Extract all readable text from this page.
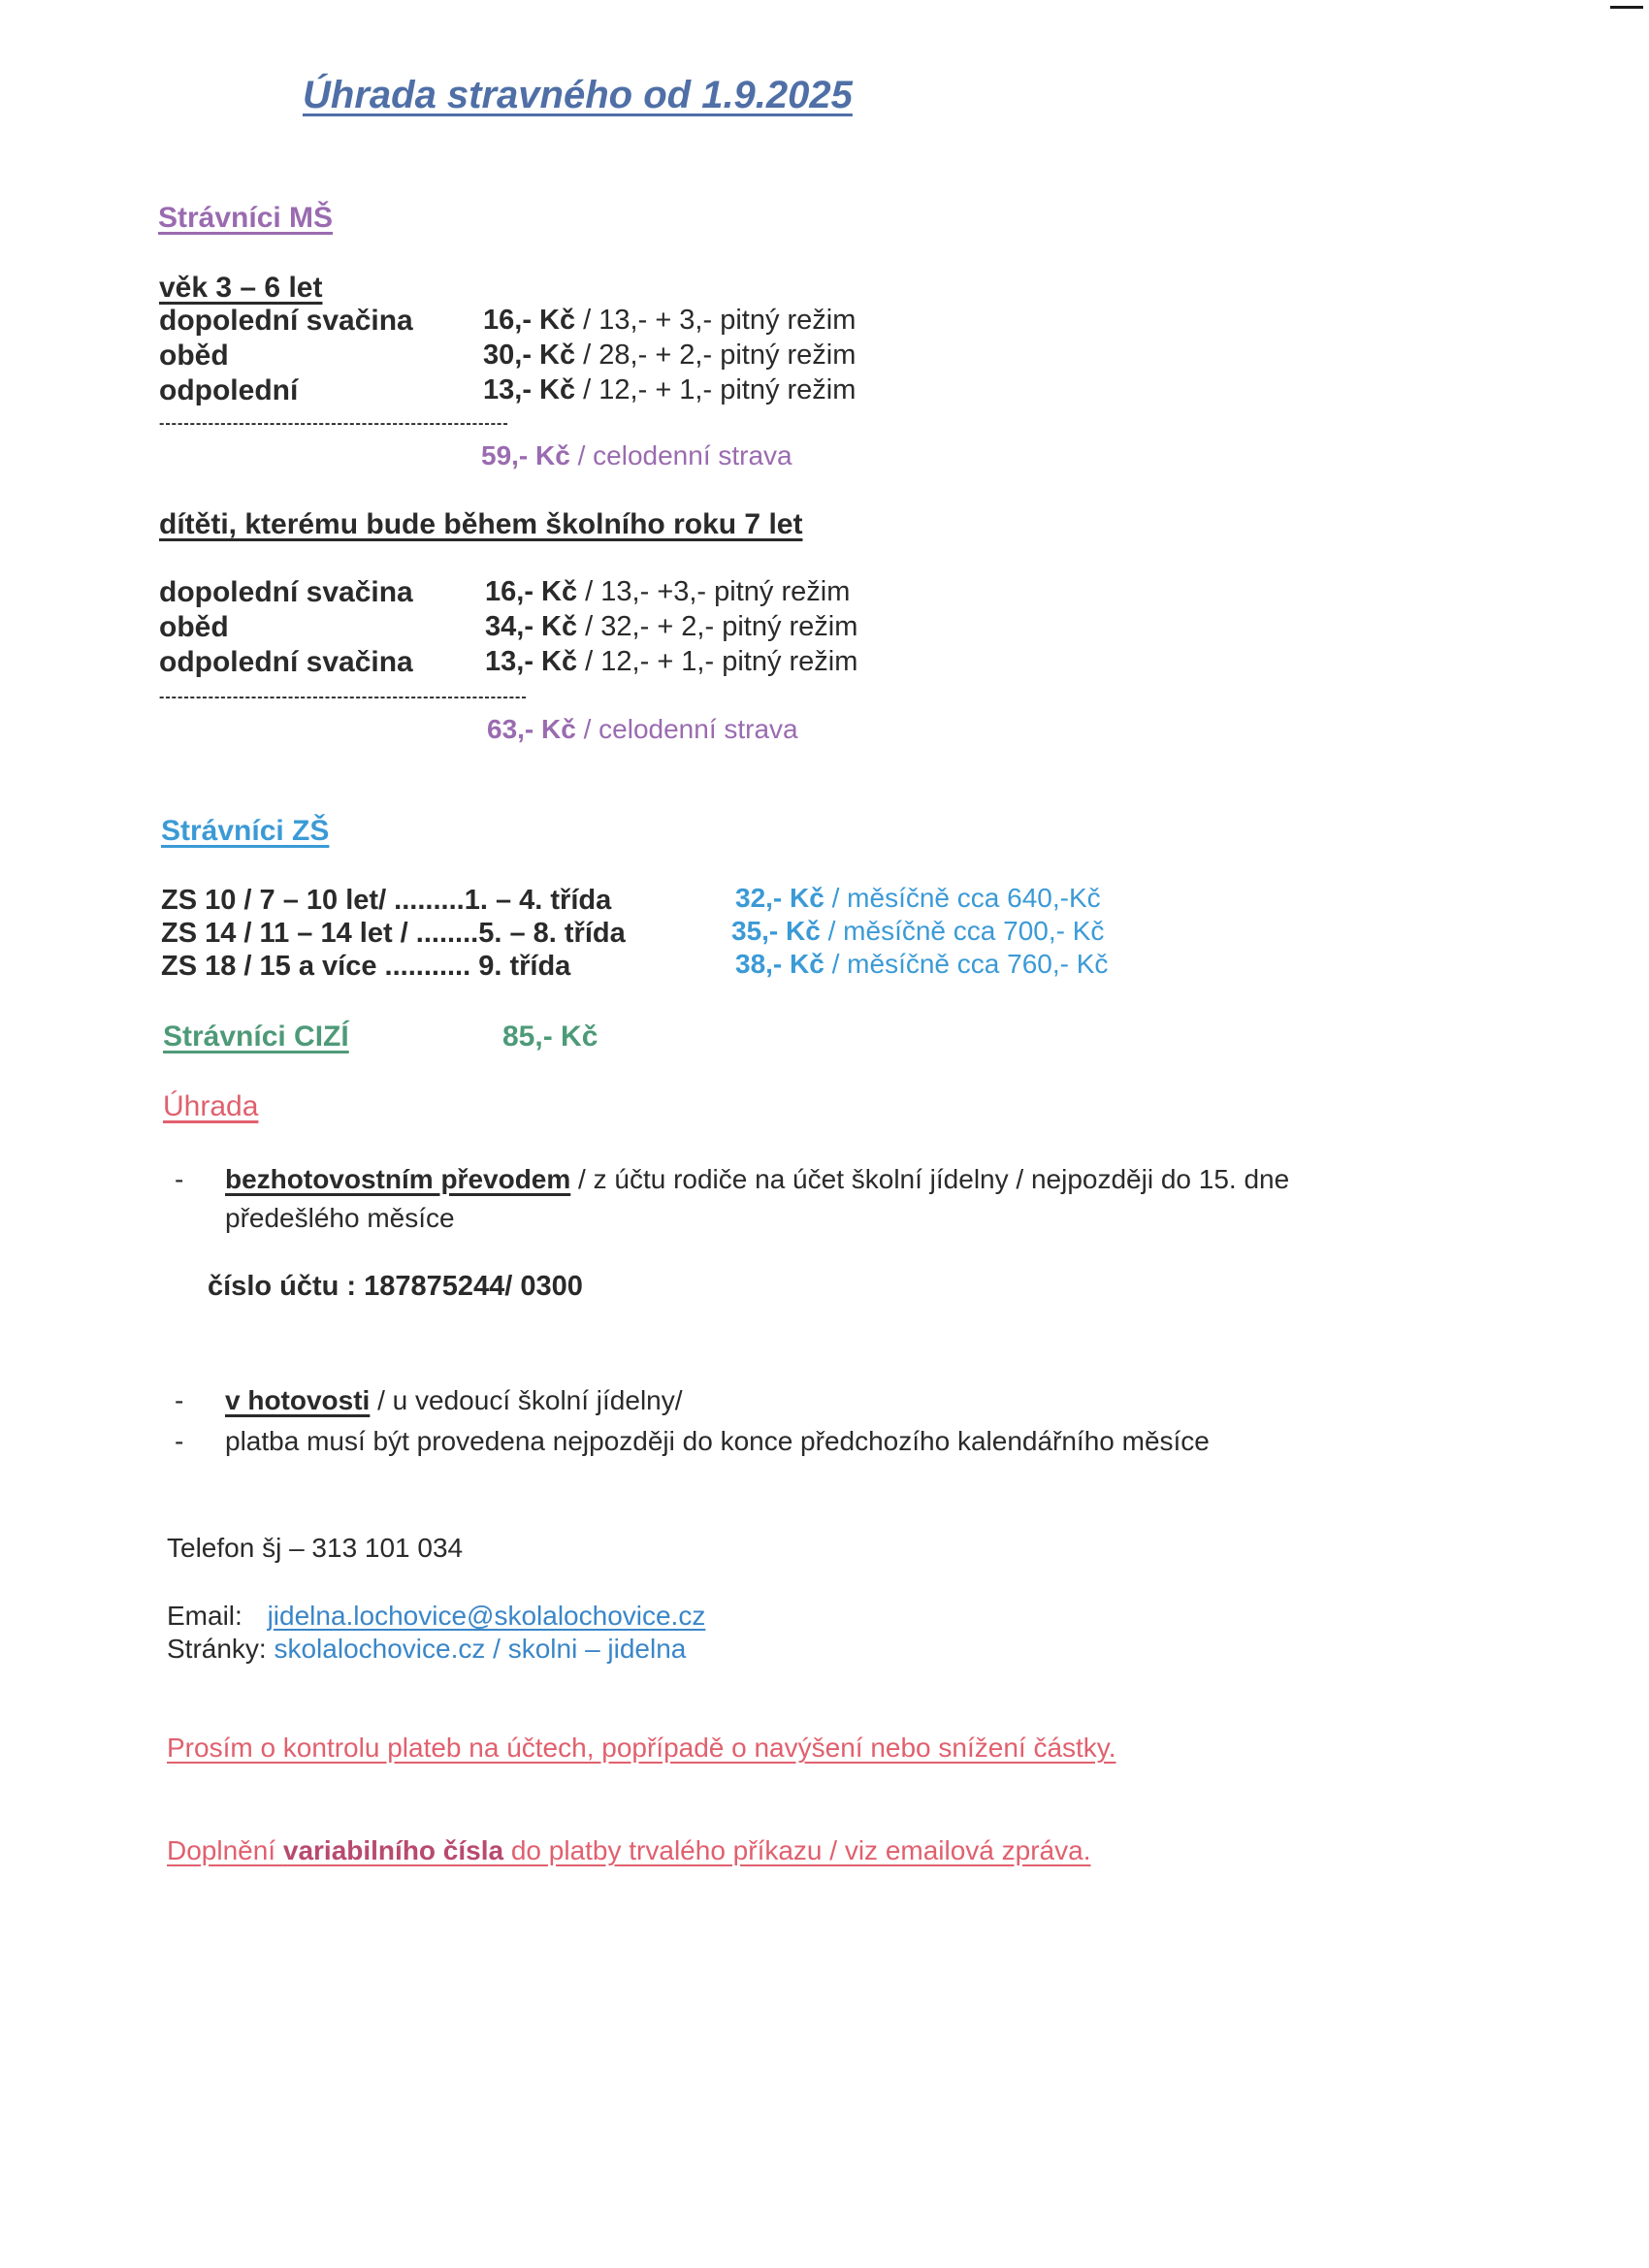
Úhrada stravného od 1.9.2025
Strávníci MŠ
věk 3 – 6 let
dopolední svačina 16,- Kč / 13,- + 3,- pitný režim
oběd	30,- Kč / 28,- + 2,- pitný režim
odpolední	13,- Kč / 12,- + 1,- pitný režim
---------------------------------------------------------
59,- Kč / celodenní strava
dítěti, kterému bude během školního roku 7 let
dopolední svačina	16,- Kč / 13,- +3,- pitný režim
oběd	34,- Kč / 32,- + 2,- pitný režim
odpolední svačina	13,- Kč / 12,- + 1,- pitný režim
------------------------------------------------------------
63,- Kč / celodenní strava
Strávníci ZŠ
ZS 10 / 7 – 10 let/ .........1. – 4. třída	32,- Kč / měsíčně cca 640,-Kč
ZS 14 / 11 – 14 let / ........5. – 8. třída	35,- Kč / měsíčně cca 700,- Kč
ZS 18 / 15 a více ........... 9. třída	38,- Kč / měsíčně cca 760,- Kč
Strávníci CIZÍ	85,- Kč
Úhrada
- bezhotovostním převodem / z účtu rodiče na účet školní jídelny / nejpozději do 15. dne
předešlého měsíce
číslo účtu : 187875244/ 0300
- v hotovosti / u vedoucí školní jídelny/
- platba musí být provedena nejpozději do konce předchozího kalendářního měsíce
Telefon šj – 313 101 034
Email: jidelna.lochovice@skolalochovice.cz
Stránky: skolalochovice.cz / skolni – jidelna
Prosím o kontrolu plateb na účtech, popřípadě o navýšení nebo snížení částky.
Doplnění variabilního čísla do platby trvalého příkazu / viz emailová zpráva.
